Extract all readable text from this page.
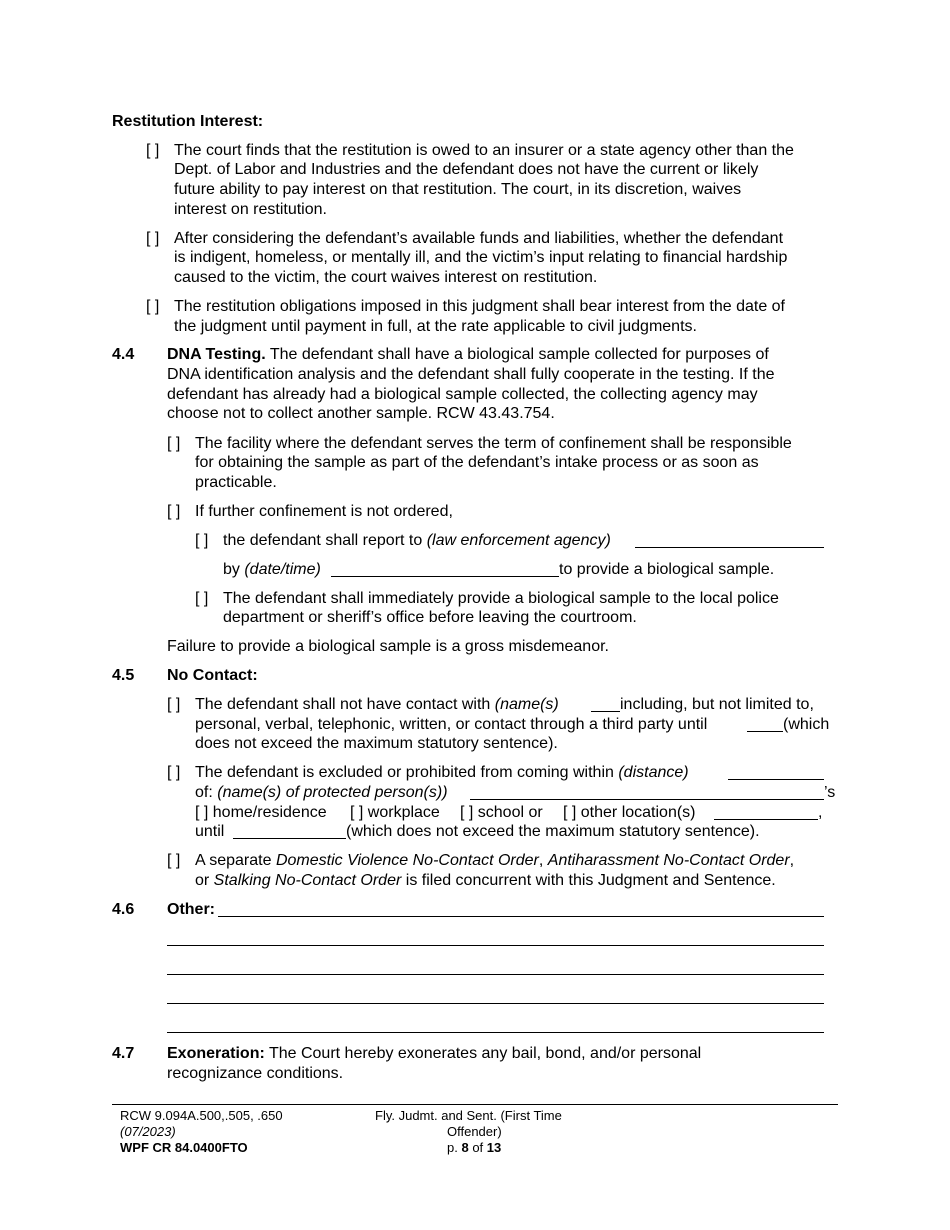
Restitution Interest:
[ ] The court finds that the restitution is owed to an insurer or a state agency other than the
Dept. of Labor and Industries and the defendant does not have the current or likely
future ability to pay interest on that restitution. The court, in its discretion, waives
interest on restitution.
[ ] After considering the defendant’s available funds and liabilities, whether the defendant
is indigent, homeless, or mentally ill, and the victim’s input relating to financial hardship
caused to the victim, the court waives interest on restitution.
[ ] The restitution obligations imposed in this judgment shall bear interest from the date of
the judgment until payment in full, at the rate applicable to civil judgments.
4.4 DNA Testing. The defendant shall have a biological sample collected for purposes of
DNA identification analysis and the defendant shall fully cooperate in the testing. If the
defendant has already had a biological sample collected, the collecting agency may
choose not to collect another sample. RCW 43.43.754.
[ ] The facility where the defendant serves the term of confinement shall be responsible
for obtaining the sample as part of the defendant’s intake process or as soon as
practicable.
[ ] If further confinement is not ordered,
[ ] the defendant shall report to (law enforcement agency)
by (date/time)	to provide a biological sample.
[ ] The defendant shall immediately provide a biological sample to the local police
department or sheriff’s office before leaving the courtroom.
Failure to provide a biological sample is a gross misdemeanor.
4.5 No Contact:
[ ] The defendant shall not have contact with (name(s)	including, but not limited to,
personal, verbal, telephonic, written, or contact through a third party until	(which
does not exceed the maximum statutory sentence).
[ ] The defendant is excluded or prohibited from coming within (distance)
of: (name(s) of protected person(s))	’s
[ ] home/residence [ ] workplace [ ] school or [ ] other location(s)	,
until	(which does not exceed the maximum statutory sentence).
[ ] A separate Domestic Violence No-Contact Order, Antiharassment No-Contact Order,
or Stalking No-Contact Order is filed concurrent with this Judgment and Sentence.
4.6 Other:
4.7 Exoneration: The Court hereby exonerates any bail, bond, and/or personal
recognizance conditions.
RCW 9.094A.500,.505, .650
(07/2023)
WPF CR 84.0400FTO
Fly. Judmt. and Sent. (First Time
Offender)
p. 8 of 13
